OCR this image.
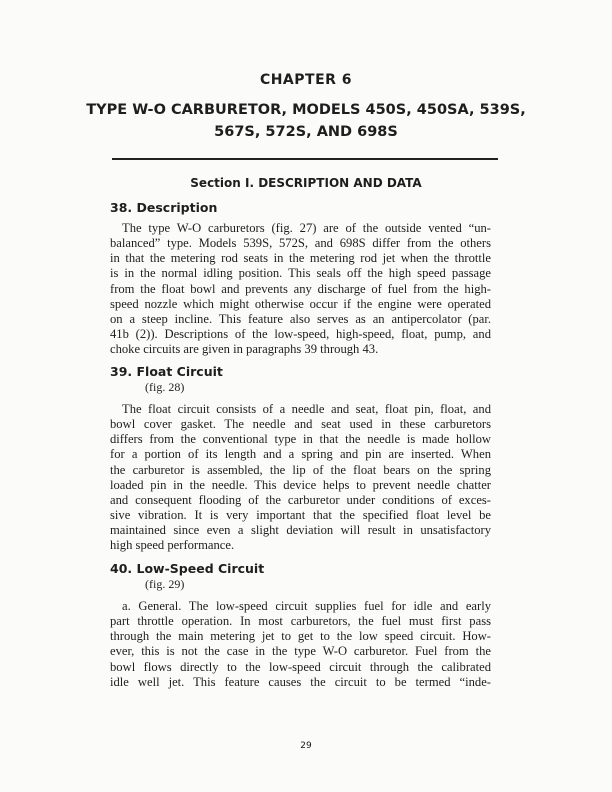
CHAPTER 6
TYPE W-O CARBURETOR, MODELS 450S, 450SA, 539S,
567S, 572S, AND 698S
Section I. DESCRIPTION AND DATA
38. Description
The type W-O carburetors (fig. 27) are of the outside vented “un-
balanced” type. Models 539S, 572S, and 698S differ from the others
in that the metering rod seats in the metering rod jet when the throttle
is in the normal idling position. This seals off the high speed passage
from the float bowl and prevents any discharge of fuel from the high-
speed nozzle which might otherwise occur if the engine were operated
on a steep incline. This feature also serves as an antipercolator (par.
41b (2)). Descriptions of the low-speed, high-speed, float, pump, and
choke circuits are given in paragraphs 39 through 43.
39. Float Circuit
(fig. 28)
The float circuit consists of a needle and seat, float pin, float, and
bowl cover gasket. The needle and seat used in these carburetors
differs from the conventional type in that the needle is made hollow
for a portion of its length and a spring and pin are inserted. When
the carburetor is assembled, the lip of the float bears on the spring
loaded pin in the needle. This device helps to prevent needle chatter
and consequent flooding of the carburetor under conditions of exces-
sive vibration. It is very important that the specified float level be
maintained since even a slight deviation will result in unsatisfactory
high speed performance.
40. Low-Speed Circuit
(fig. 29)
a. General. The low-speed circuit supplies fuel for idle and early
part throttle operation. In most carburetors, the fuel must first pass
through the main metering jet to get to the low speed circuit. How-
ever, this is not the case in the type W-O carburetor. Fuel from the
bowl flows directly to the low-speed circuit through the calibrated
idle well jet. This feature causes the circuit to be termed “inde-
29
